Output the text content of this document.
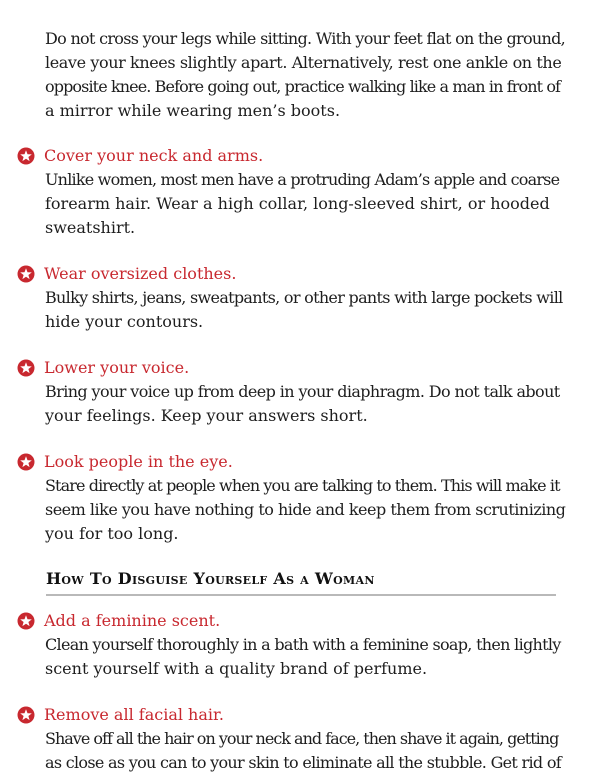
Do not cross your legs while sitting. With your feet flat on the ground,
leave your knees slightly apart. Alternatively, rest one ankle on the
opposite knee. Before going out, practice walking like a man in front of
a mirror while wearing men’s boots.
Cover your neck and arms.
Unlike women, most men have a protruding Adam’s apple and coarse
forearm hair. Wear a high collar, long-sleeved shirt, or hooded
sweatshirt.
Wear oversized clothes.
Bulky shirts, jeans, sweatpants, or other pants with large pockets will
hide your contours.
Lower your voice.
Bring your voice up from deep in your diaphragm. Do not talk about
your feelings. Keep your answers short.
Look people in the eye.
Stare directly at people when you are talking to them. This will make it
seem like you have nothing to hide and keep them from scrutinizing
you for too long.
How To Disguise Yourself As a Woman
Add a feminine scent.
Clean yourself thoroughly in a bath with a feminine soap, then lightly
scent yourself with a quality brand of perfume.
Remove all facial hair.
Shave off all the hair on your neck and face, then shave it again, getting
as close as you can to your skin to eliminate all the stubble. Get rid of
